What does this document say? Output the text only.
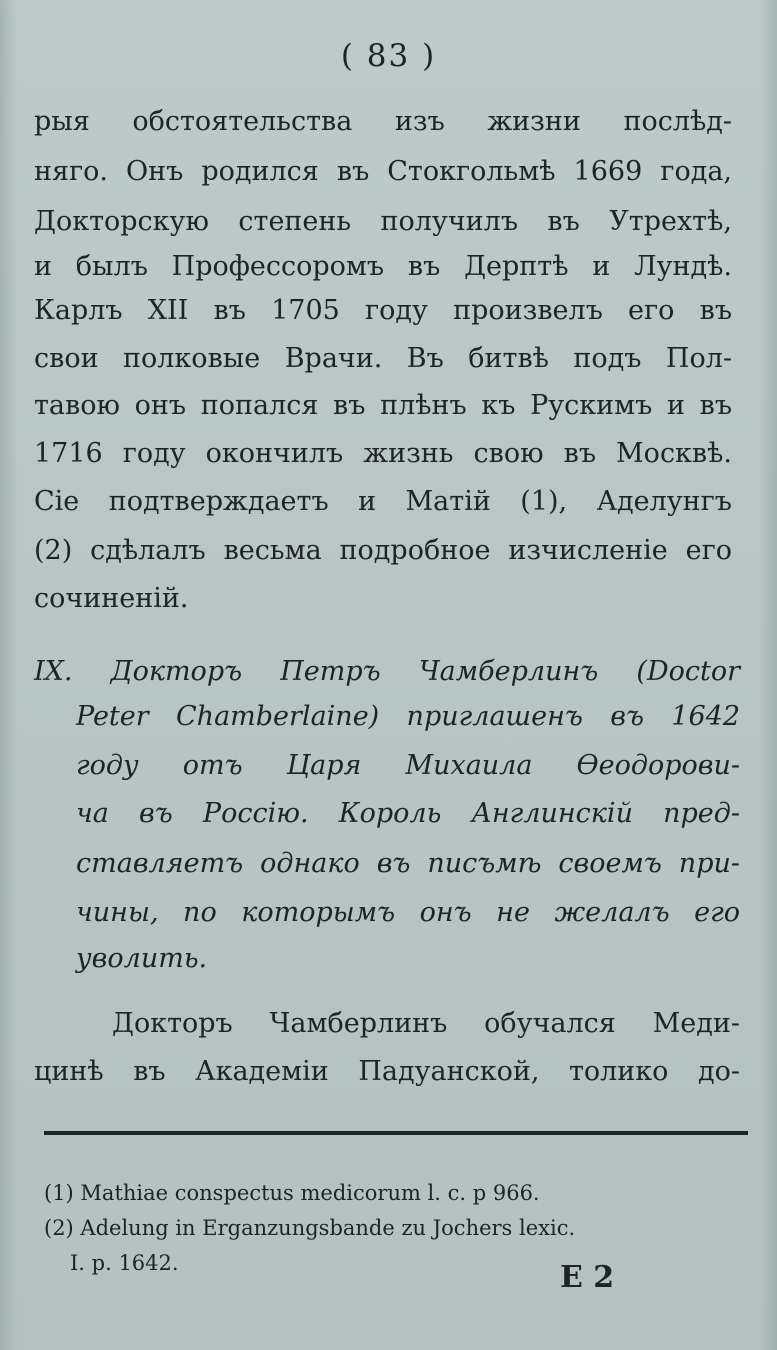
( 83 )
рыя обстоятельства изъ жизни послѣд-
няго. Онъ родился въ Стокгольмѣ 1669 года,
Докторскую степень получилъ въ Утрехтѣ,
и былъ Профессоромъ въ Дерптѣ и Лундѣ.
Карлъ XII въ 1705 году произвелъ его въ
свои полковые Врачи. Въ битвѣ подъ Пол-
тавою онъ попался въ плѣнъ къ Рускимъ и въ
1716 году окончилъ жизнь свою въ Москвѣ.
Сіе подтверждаетъ и Матій (1), Аделунгъ
(2) сдѣлалъ весьма подробное изчисленіе его
сочиненій.
IX. Докторъ Петръ Чамберлинъ (Doctor
Peter Chamberlaine) приглашенъ въ 1642
году отъ Царя Михаила Ѳеодорови-
ча въ Россію. Король Англинскій пред-
ставляетъ однако въ писъмѣ своемъ при-
чины, по которымъ онъ не желалъ его
уволить.
Докторъ Чамберлинъ обучался Меди-
цинѣ въ Академіи Падуанской, толико до-
(1) Mathiae conspectus medicorum l. c. p 966.
(2) Adelung in Erganzungsbande zu Jochers lexic.
I. p. 1642.	E 2
